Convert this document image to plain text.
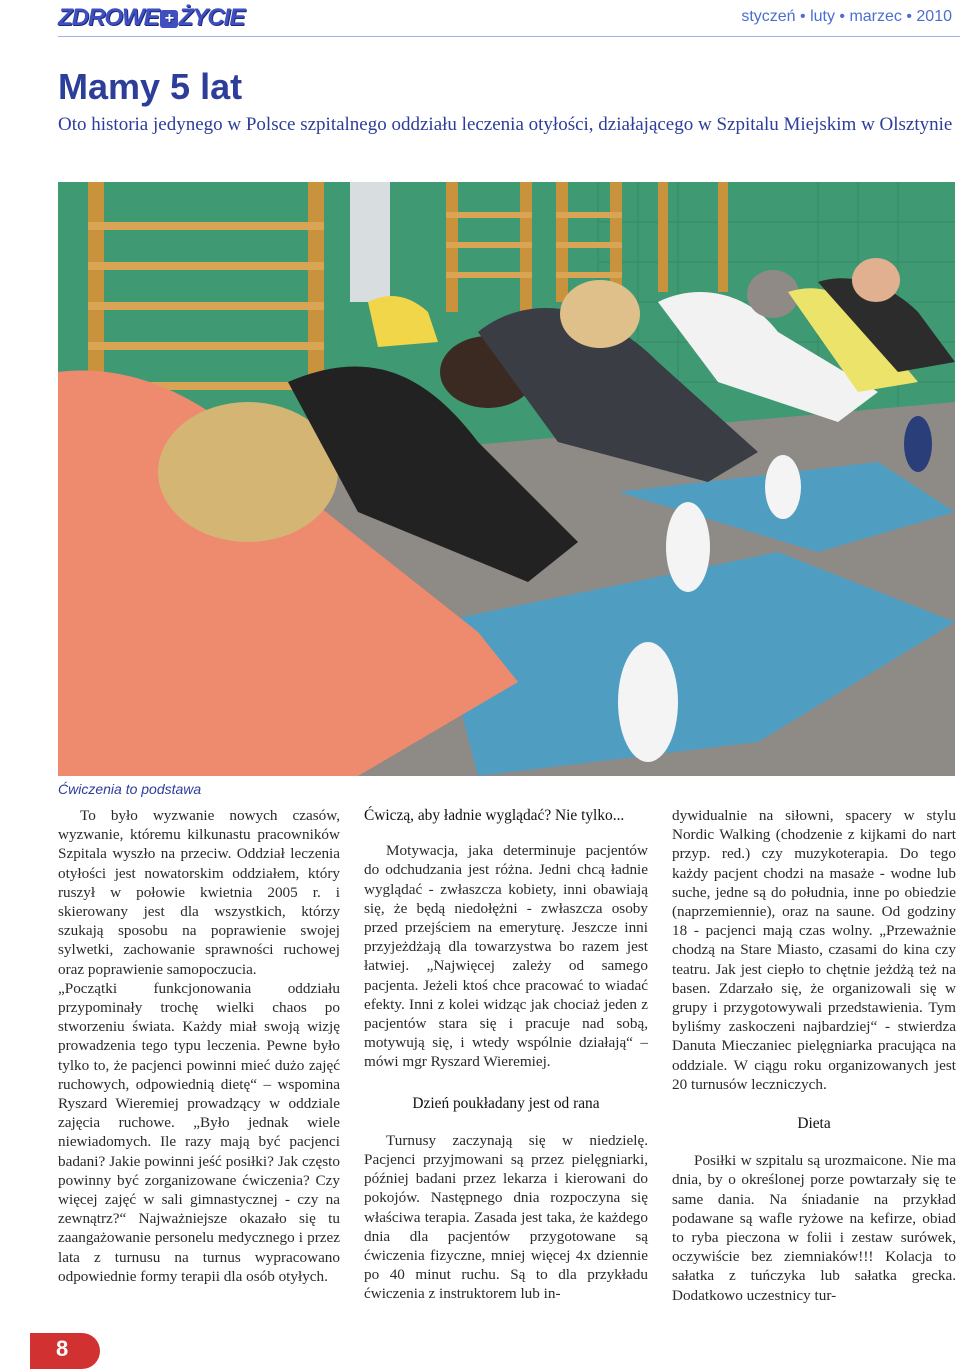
ZDROWE + ŻYCIE	styczeń • luty • marzec • 2010
Mamy 5 lat

Oto historia jedynego w Polsce szpitalnego oddziału leczenia otyłości, działającego w Szpitalu Miejskim w Olsztynie

Ćwiczenia to podstawa

To było wyzwanie nowych czasów, wyzwanie, któremu kilkunastu pracowników Szpitala wyszło na przeciw. Oddział leczenia otyłości jest nowatorskim oddziałem, który ruszył w połowie kwietnia 2005 r. i skierowany jest dla wszystkich, którzy szukają sposobu na poprawienie swojej sylwetki, zachowanie sprawności ruchowej oraz poprawienie samopoczucia.

„Początki funkcjonowania oddziału przypominały trochę wielki chaos po stworzeniu świata. Każdy miał swoją wizję prowadzenia tego typu leczenia. Pewne było tylko to, że pacjenci powinni mieć dużo zajęć ruchowych, odpowiednią dietę“ – wspomina Ryszard Wieremiej prowadzący w oddziale zajęcia ruchowe. „Było jednak wiele niewiadomych. Ile razy mają być pacjenci badani? Jakie powinni jeść posiłki? Jak często powinny być zorganizowane ćwiczenia? Czy więcej zajęć w sali gimnastycznej - czy na zewnątrz?“ Najważniejsze okazało się tu zaangażowanie personelu medycznego i przez lata z turnusu na turnus wypracowano odpowiednie formy terapii dla osób otyłych.

Ćwiczą, aby ładnie wyglądać? Nie tylko...

Motywacja, jaka determinuje pacjentów do odchudzania jest różna. Jedni chcą ładnie wyglądać - zwłaszcza kobiety, inni obawiają się, że będą niedołężni - zwłaszcza osoby przed przejściem na emeryturę. Jeszcze inni przyjeżdżają dla towarzystwa bo razem jest łatwiej. „Najwięcej zależy od samego pacjenta. Jeżeli ktoś chce pracować to wiadać efekty. Inni z kolei widząc jak chociaż jeden z pacjentów stara się i pracuje nad sobą, motywują się, i wtedy wspólnie działają“ – mówi mgr Ryszard Wieremiej.

Dzień poukładany jest od rana

Turnusy zaczynają się w niedzielę. Pacjenci przyjmowani są przez pielęgniarki, później badani przez lekarza i kierowani do pokojów. Następnego dnia rozpoczyna się właściwa terapia. Zasada jest taka, że każdego dnia dla pacjentów przygotowane są ćwiczenia fizyczne, mniej więcej 4x dziennie po 40 minut ruchu. Są to dla przykładu ćwiczenia z instruktorem lub in-

dywidualnie na siłowni, spacery w stylu Nordic Walking (chodzenie z kijkami do nart przyp. red.) czy muzykoterapia. Do tego każdy pacjent chodzi na masaże - wodne lub suche, jedne są do południa, inne po obiedzie (naprzemiennie), oraz na saune. Od godziny 18 - pacjenci mają czas wolny. „Przeważnie chodzą na Stare Miasto, czasami do kina czy teatru. Jak jest ciepło to chętnie jeżdżą też na basen. Zdarzało się, że organizowali się w grupy i przygotowywali przedstawienia. Tym byliśmy zaskoczeni najbardziej“ - stwierdza Danuta Mieczaniec pielęgniarka pracująca na oddziale. W ciągu roku organizowanych jest 20 turnusów leczniczych.

Dieta

Posiłki w szpitalu są urozmaicone. Nie ma dnia, by o określonej porze powtarzały się te same dania. Na śniadanie na przykład podawane są wafle ryżowe na kefirze, obiad to ryba pieczona w folii i zestaw surówek, oczywiście bez ziemniaków!!! Kolacja to sałatka z tuńczyka lub sałatka grecka. Dodatkowo uczestnicy tur-

8
